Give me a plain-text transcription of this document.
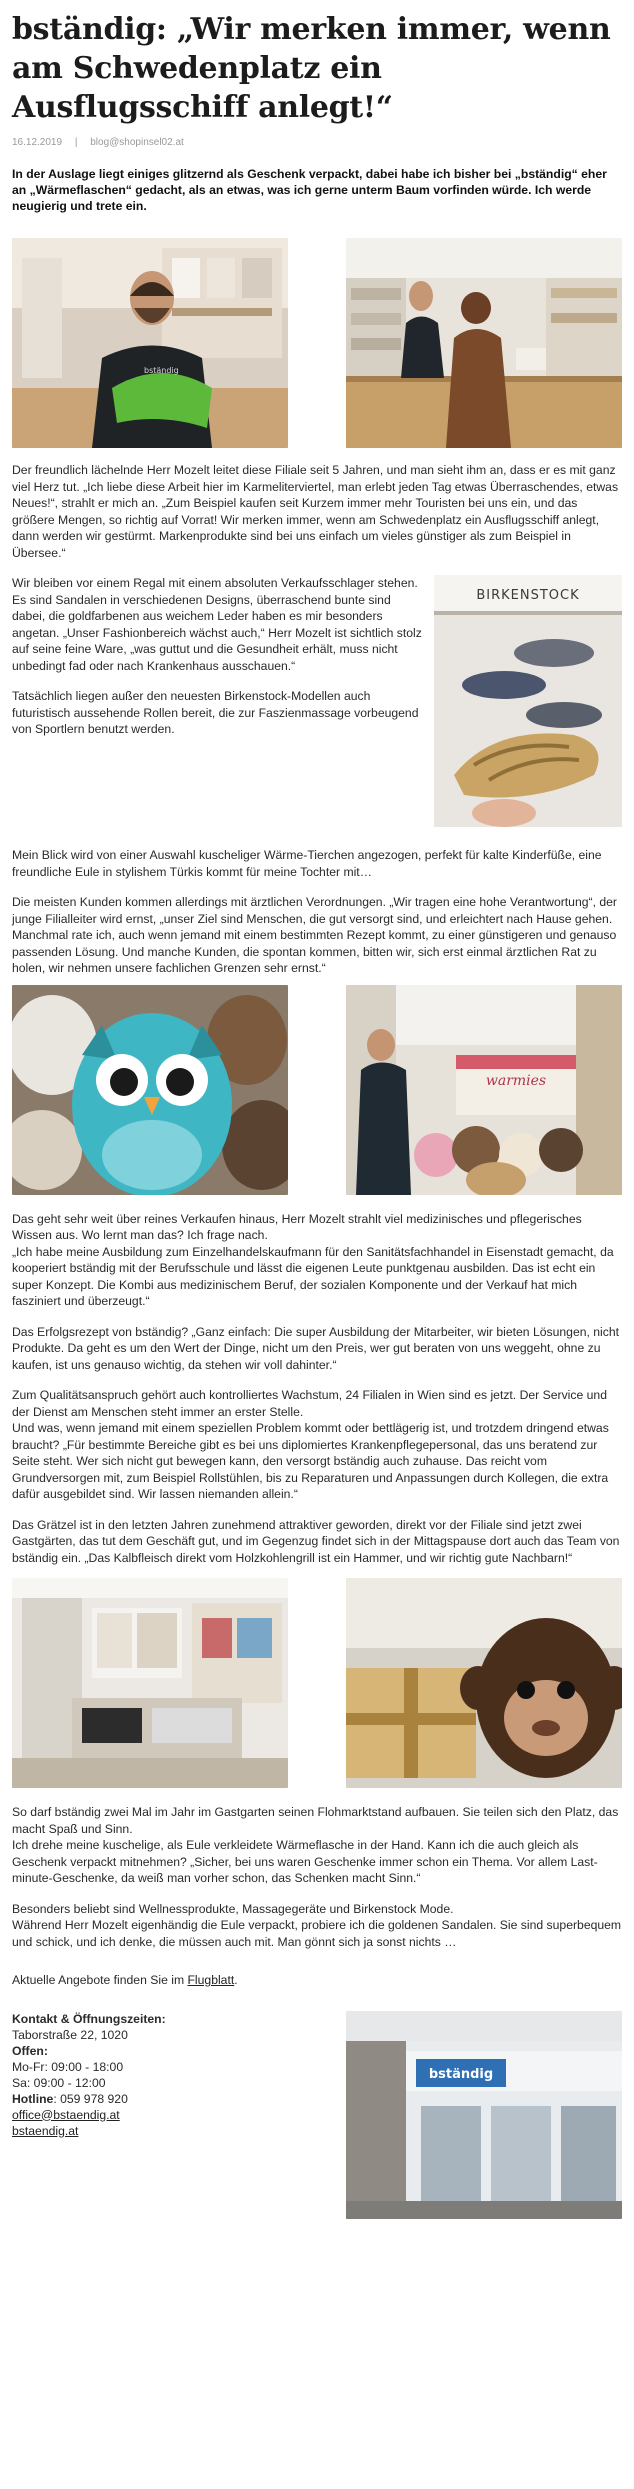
bständig: „Wir merken immer, wenn am Schwedenplatz ein Ausflugsschiff anlegt!“
16.12.2019 | blog@shopinsel02.at
In der Auslage liegt einiges glitzernd als Geschenk verpackt, dabei habe ich bisher bei „bständig“ eher an „Wärmeflaschen“ gedacht, als an etwas, was ich gerne unterm Baum vorfinden würde. Ich werde neugierig und trete ein.
bständig

Der freundlich lächelnde Herr Mozelt leitet diese Filiale seit 5 Jahren, und man sieht ihm an, dass er es mit ganz viel Herz tut. „Ich liebe diese Arbeit hier im Karmeliterviertel, man erlebt jeden Tag etwas Überraschendes, etwas Neues!“, strahlt er mich an. „Zum Beispiel kaufen seit Kurzem immer mehr Touristen bei uns ein, und das größere Mengen, so richtig auf Vorrat! Wir merken immer, wenn am Schwedenplatz ein Ausflugsschiff anlegt, dann werden wir gestürmt. Markenprodukte sind bei uns einfach um vieles günstiger als zum Beispiel in Übersee.“

BIRKENSTOCK

Wir bleiben vor einem Regal mit einem absoluten Verkaufsschlager stehen.

Es sind Sandalen in verschiedenen Designs, überraschend bunte sind dabei, die goldfarbenen aus weichem Leder haben es mir besonders angetan. „Unser Fashionbereich wächst auch,“ Herr Mozelt ist sichtlich stolz auf seine feine Ware, „was guttut und die Gesundheit erhält, muss nicht unbedingt fad oder nach Krankenhaus ausschauen.“

Tatsächlich liegen außer den neuesten Birkenstock-Modellen auch futuristisch aussehende Rollen bereit, die zur Faszienmassage vorbeugend von Sportlern benutzt werden.

Mein Blick wird von einer Auswahl kuscheliger Wärme-Tierchen angezogen, perfekt für kalte Kinderfüße, eine freundliche Eule in stylishem Türkis kommt für meine Tochter mit…

Die meisten Kunden kommen allerdings mit ärztlichen Verordnungen. „Wir tragen eine hohe Verantwortung“, der junge Filialleiter wird ernst, „unser Ziel sind Menschen, die gut versorgt sind, und erleichtert nach Hause gehen. Manchmal rate ich, auch wenn jemand mit einem bestimmten Rezept kommt, zu einer günstigeren und genauso passenden Lösung. Und manche Kunden, die spontan kommen, bitten wir, sich erst einmal ärztlichen Rat zu holen, wir nehmen unsere fachlichen Grenzen sehr ernst.“

warmies

Das geht sehr weit über reines Verkaufen hinaus, Herr Mozelt strahlt viel medizinisches und pflegerisches Wissen aus. Wo lernt man das? Ich frage nach.

„Ich habe meine Ausbildung zum Einzelhandelskaufmann für den Sanitätsfachhandel in Eisenstadt gemacht, da kooperiert bständig mit der Berufsschule und lässt die eigenen Leute punktgenau ausbilden. Das ist echt ein super Konzept. Die Kombi aus medizinischem Beruf, der sozialen Komponente und der Verkauf hat mich fasziniert und überzeugt.“

Das Erfolgsrezept von bständig? „Ganz einfach: Die super Ausbildung der Mitarbeiter, wir bieten Lösungen, nicht Produkte. Da geht es um den Wert der Dinge, nicht um den Preis, wer gut beraten von uns weggeht, ohne zu kaufen, ist uns genauso wichtig, da stehen wir voll dahinter.“

Zum Qualitätsanspruch gehört auch kontrolliertes Wachstum, 24 Filialen in Wien sind es jetzt. Der Service und der Dienst am Menschen steht immer an erster Stelle.

Und was, wenn jemand mit einem speziellen Problem kommt oder bettlägerig ist, und trotzdem dringend etwas braucht? „Für bestimmte Bereiche gibt es bei uns diplomiertes Krankenpflegepersonal, das uns beratend zur Seite steht. Wer sich nicht gut bewegen kann, den versorgt bständig auch zuhause. Das reicht vom Grundversorgen mit, zum Beispiel Rollstühlen, bis zu Reparaturen und Anpassungen durch Kollegen, die extra dafür ausgebildet sind. Wir lassen niemanden allein.“

Das Grätzel ist in den letzten Jahren zunehmend attraktiver geworden, direkt vor der Filiale sind jetzt zwei Gastgärten, das tut dem Geschäft gut, und im Gegenzug findet sich in der Mittagspause dort auch das Team von bständig ein. „Das Kalbfleisch direkt vom Holzkohlengrill ist ein Hammer, und wir richtig gute Nachbarn!“

So darf bständig zwei Mal im Jahr im Gastgarten seinen Flohmarktstand aufbauen. Sie teilen sich den Platz, das macht Spaß und Sinn.

Ich drehe meine kuschelige, als Eule verkleidete Wärmeflasche in der Hand. Kann ich die auch gleich als Geschenk verpackt mitnehmen? „Sicher, bei uns waren Geschenke immer schon ein Thema. Vor allem Last-minute-Geschenke, da weiß man vorher schon, das Schenken macht Sinn.“

Besonders beliebt sind Wellnessprodukte, Massagegeräte und Birkenstock Mode.

Während Herr Mozelt eigenhändig die Eule verpackt, probiere ich die goldenen Sandalen. Sie sind superbequem und schick, und ich denke, die müssen auch mit. Man gönnt sich ja sonst nichts …

Aktuelle Angebote finden Sie im Flugblatt.

Kontakt & Öffnungszeiten:

Taborstraße 22, 1020

Offen:

Mo-Fr: 09:00 - 18:00

Sa: 09:00 - 12:00

Hotline: 059 978 920

office@bstaendig.at

bstaendig.at

bständig
